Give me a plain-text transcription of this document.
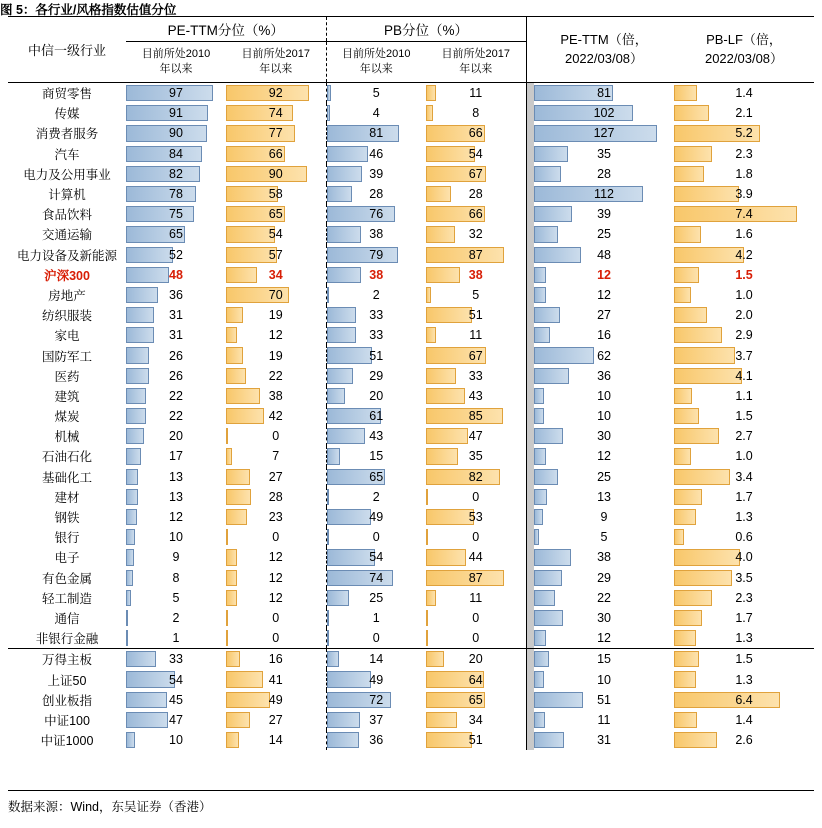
图 5：各行业/风格指数估值分位
中信一级行业	PE-TTM分位（%）	PB分位（%）		
PE-TTM（倍，
2022/03/08）

PB-LF（倍，
2022/03/08）

目前所处2010
年以来

目前所处2017
年以来

目前所处2010
年以来

目前所处2017
年以来

商贸零售	97	92	5	11		81	1.4

传媒	91	74	4	8		102	2.1

消费者服务	90	77	81	66		127	5.2

汽车	84	66	46	54		35	2.3

电力及公用事业	82	90	39	67		28	1.8

计算机	78	58	28	28		112	3.9

食品饮料	75	65	76	66		39	7.4

交通运输	65	54	38	32		25	1.6

电力设备及新能源	52	57	79	87		48	4.2

沪深300	48	34	38	38		12	1.5

房地产	36	70	2	5		12	1.0

纺织服装	31	19	33	51		27	2.0

家电	31	12	33	11		16	2.9

国防军工	26	19	51	67		62	3.7

医药	26	22	29	33		36	4.1

建筑	22	38	20	43		10	1.1

煤炭	22	42	61	85		10	1.5

机械	20	0	43	47		30	2.7

石油石化	17	7	15	35		12	1.0

基础化工	13	27	65	82		25	3.4

建材	13	28	2	0		13	1.7

钢铁	12	23	49	53		9	1.3

银行	10	0	0	0		5	0.6

电子	9	12	54	44		38	4.0

有色金属	8	12	74	87		29	3.5

轻工制造	5	12	25	11		22	2.3

通信	2	0	1	0		30	1.7

非银行金融	1	0	0	0		12	1.3

万得主板	33	16	14	20		15	1.5

上证50	54	41	49	64		10	1.3

创业板指	45	49	72	65		51	6.4

中证100	47	27	37	34		11	1.4

中证1000	10	14	36	51		31	2.6

数据来源：Wind，东吴证券（香港）
